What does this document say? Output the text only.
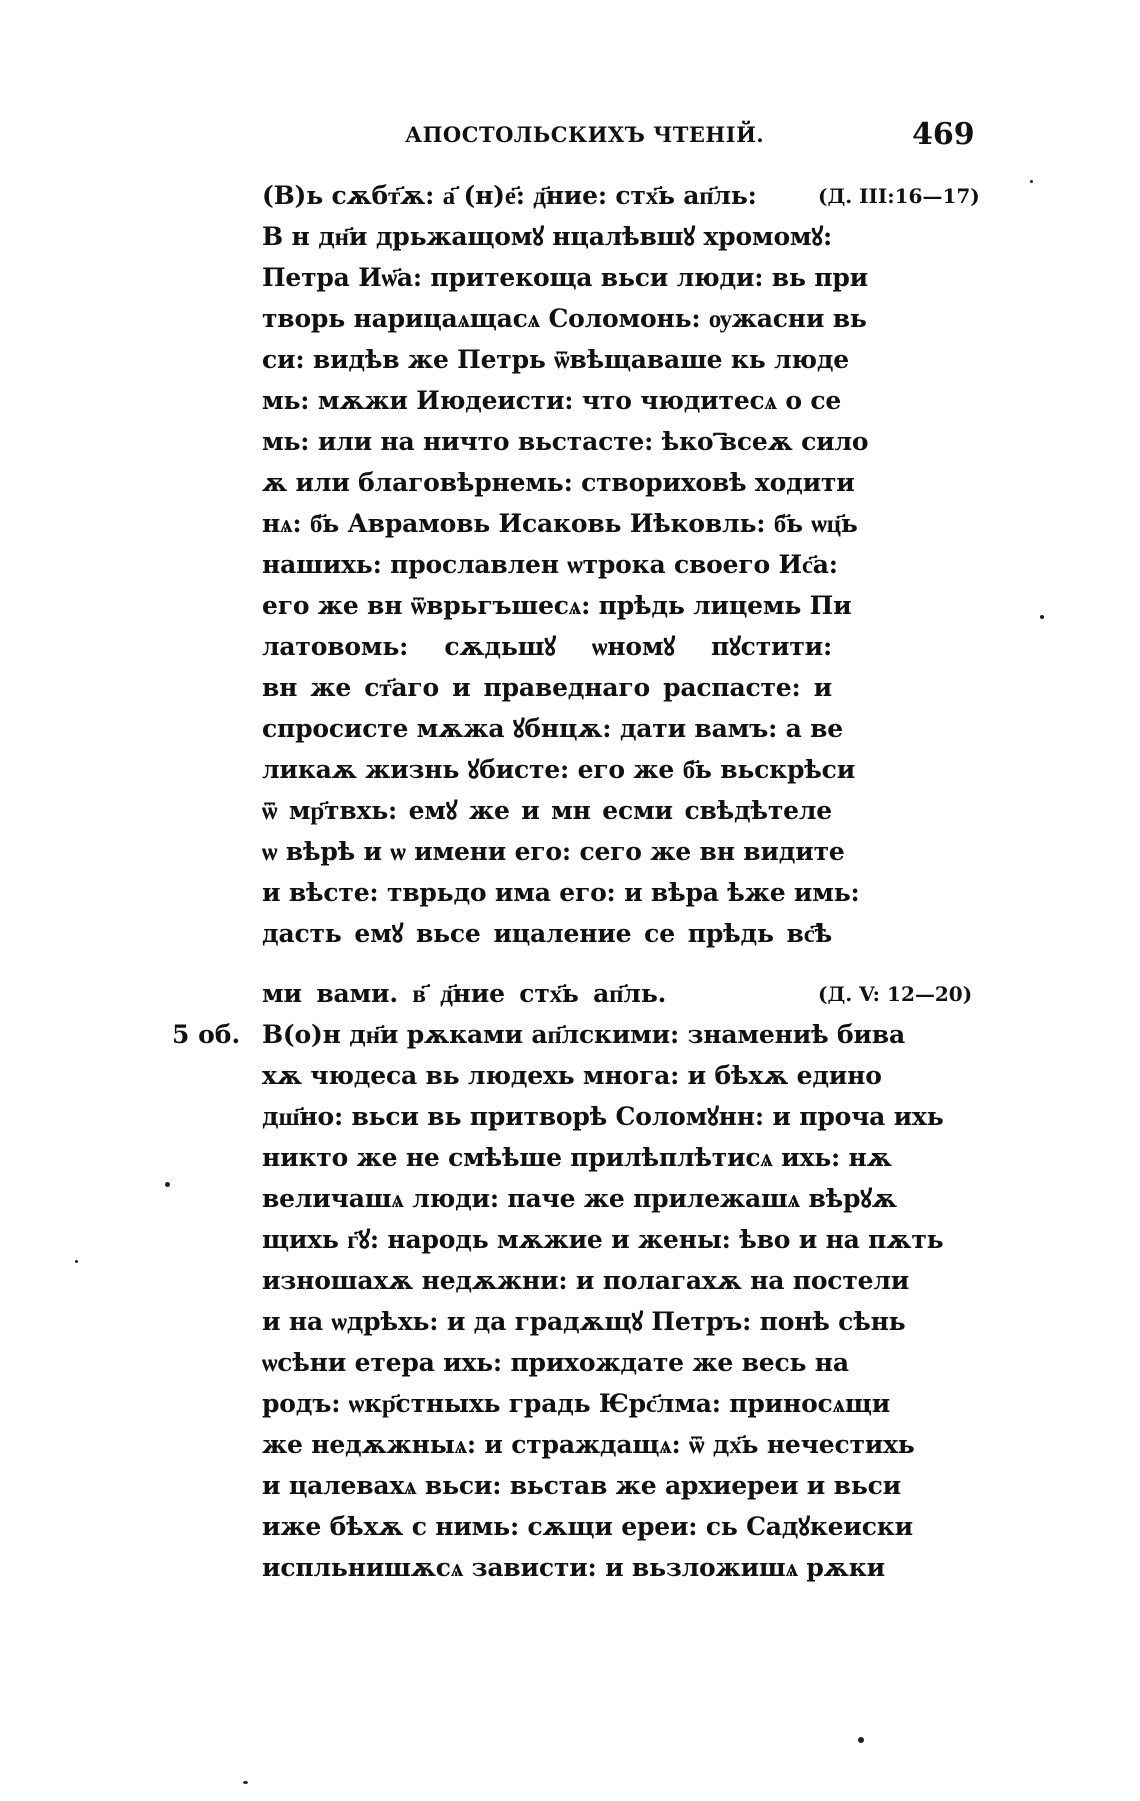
АПОСТОЛЬСКИХЪ ЧТЕНІЙ.	469
(Д. III:16—17)
(Д. V: 12—20)
5 об.
(В)ь сѫбт҃ѫ: а҃ (н)е҃: д҃ние: стх҃ь ап҃ль:
В н дн҃и дрьжащомꙋ нцалѣвшꙋ хромомꙋ:
Петра Иѡ҃а: притекоща вьси люди: вь при
творь нарицаѧщасѧ Соломонь: ѹжасни вь
си: видѣв же Петрь ѿвѣщаваше кь люде
мь: мѫжи Июдеисти: что чюдитесѧ о се
мь: или на ничто вьстасте: ѣко ꙯всеѫ сило
ѫ или благовѣрнемь: створиховѣ ходити
нѧ: б҃ь Аврамовь Исаковь Иѣковль: б҃ь ѡц҃ь
нашихь: прославлен ѡтрока своего Ис҃а:
его же вн ѿврьгъшесѧ: прѣдь лицемь Пи
латовомь: сѫдьшꙋ ѡномꙋ пꙋстити:
вн же ст҃аго и праведнаго распасте: и
спросисте мѫжа ꙋбнцѫ: дати вамъ: а ве
ликаѫ жизнь ꙋбисте: его же б҃ь вьскрѣси
ѿ мр҃твхь: емꙋ же и мн есми свѣдѣтеле
ѡ вѣрѣ и ѡ имени его: сего же вн видите
и вѣсте: тврьдо има его: и вѣра ѣже имь:
дасть емꙋ вьсе ицаление се прѣдь вс҃ѣ
ми вами. в҃ д҃ние стх҃ь ап҃ль.
В(о)н дн҃и рѫками ап҃лскими: знамениѣ бива
хѫ чюдеса вь людехь многа: и бѣхѫ едино
дш҃но: вьси вь притворѣ Соломꙋнн: и проча ихь
никто же не смѣѣше прилѣплѣтисѧ ихь: нѫ
величашѧ люди: паче же прилежашѧ вѣрꙋѫ
щихь г҃ꙋ: народь мѫжие и жены: ѣво и на пѫть
изношахѫ недѫжни: и полагахѫ на постели
и на ѡдрѣхь: и да градѫщꙋ Петръ: понѣ сѣнь
ѡсѣни етера ихь: прихождате же весь на
родъ: ѡкр҃стныхь градь Ѥрс҃лма: приносѧщи
же недѫжныѧ: и страждащѧ: ѿ дх҃ь нечестихь
и цалевахѧ вьси: вьстав же архиереи и вьси
иже бѣхѫ с нимь: сѫщи ереи: сь Садꙋкеиски
испльнишѫсѧ зависти: и вьзложишѧ рѫки
